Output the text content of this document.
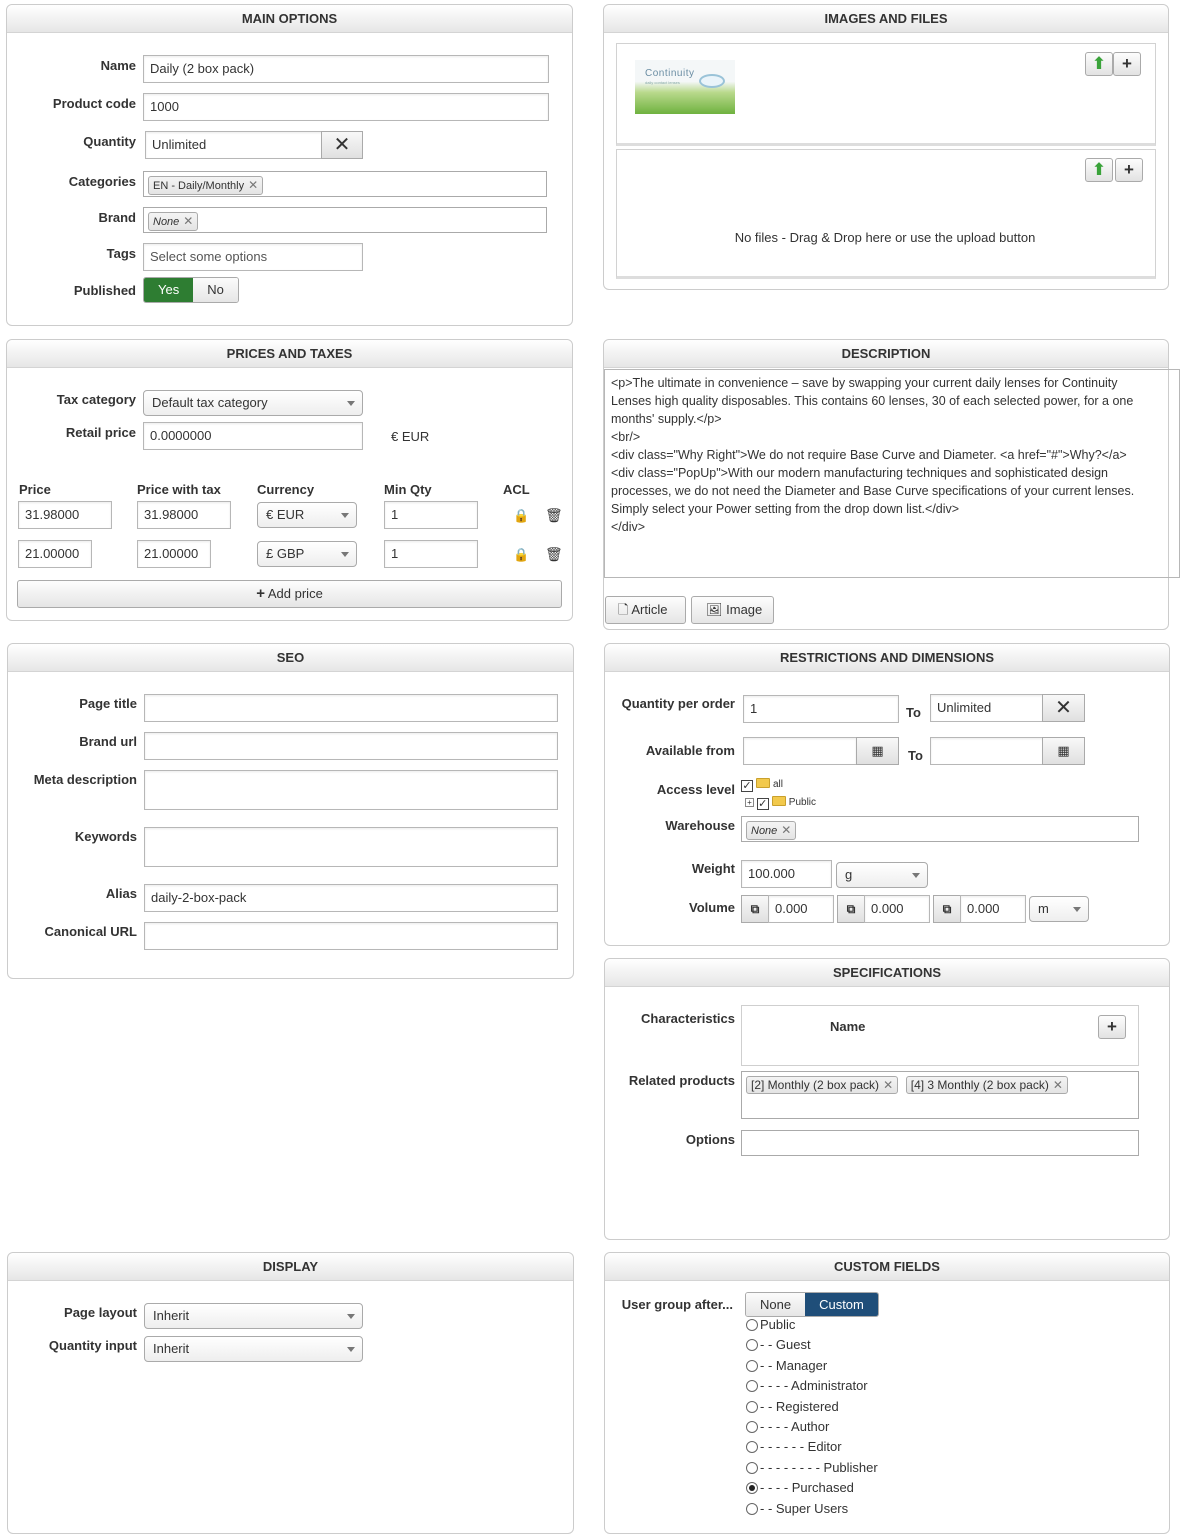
MAIN OPTIONS
Name	Daily (2 box pack)
Product code	1000
Quantity	Unlimited	✕
Categories	EN - Daily/Monthly ✕
Brand	None ✕
Tags	Select some options
Published	Yes	No
IMAGES AND FILES
Continuity
daily contact lenses
⬆ +
⬆	+
No files - Drag & Drop here or use the upload button
PRICES AND TAXES
Tax category	Default tax category
Retail price	0.0000000	€ EUR
Price	Price with tax	Currency	Min Qty	ACL
31.98000	31.98000	€ EUR	1	🔒 🗑
21.00000	21.00000	£ GBP	1	🔒 🗑
+ Add price
DESCRIPTION
<p>The ultimate in convenience – save by swapping your current daily lenses for Continuity
Lenses high quality disposables. This contains 60 lenses, 30 of each selected power, for a one
months' supply.</p>
<br/>
<div class="Why Right">We do not require Base Curve and Diameter. <a href="#">Why?</a>
<div class="PopUp">With our modern manufacturing techniques and sophisticated design
processes, we do not need the Diameter and Base Curve specifications of your current lenses.
Simply select your Power setting from the drop down list.</div>
</div>
🗋 Article	🖼 Image
SEO
Page title
Brand url
Meta description
Keywords
Alias	daily-2-box-pack
Canonical URL
RESTRICTIONS AND DIMENSIONS
Quantity per order	1	To	Unlimited	✕
Available from	▦	To	▦
Access level ✓ all
+ ✓ Public
Warehouse	None ✕
Weight	100.000	g
Volume	⧉	0.000	⧉	0.000	⧉	0.000	m
SPECIFICATIONS
Characteristics
Name	+
Related products	[2] Monthly (2 box pack) ✕ [4] 3 Monthly (2 box pack) ✕
Options
DISPLAY
Page layout	Inherit
Quantity input	Inherit
CUSTOM FIELDS
User group after...	None	Custom
Public
- - Guest
- - Manager
- - - - Administrator
- - Registered
- - - - Author
- - - - - - Editor
- - - - - - - - Publisher
- - - - Purchased
- - Super Users
